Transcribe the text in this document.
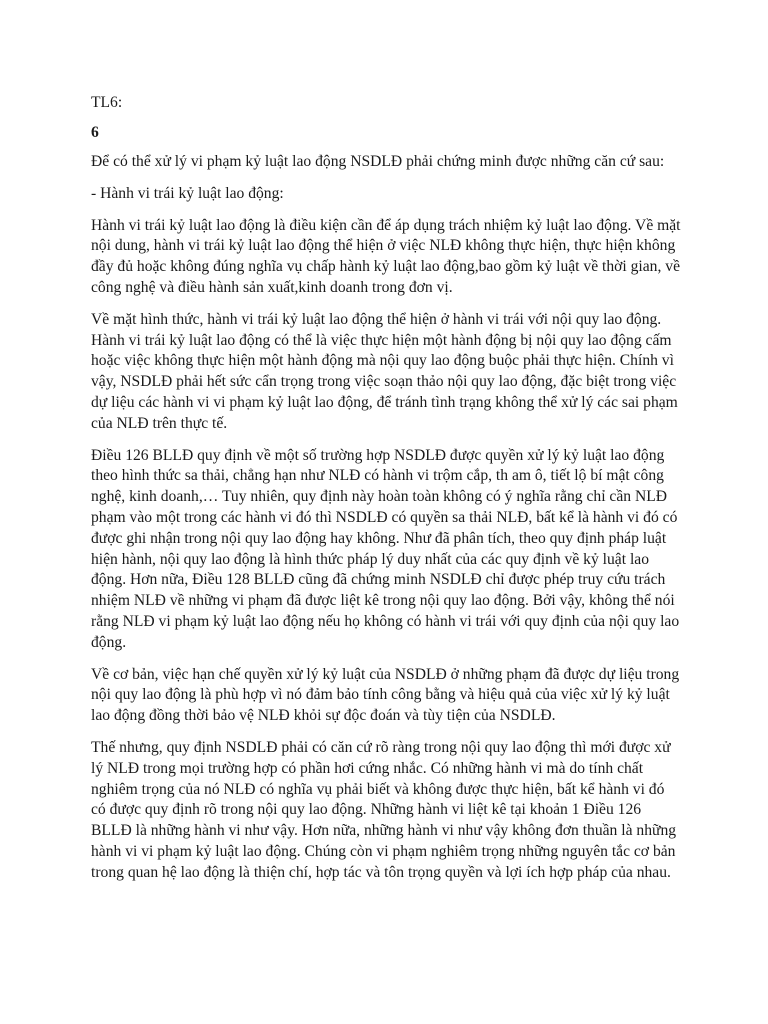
TL6:
6

Để có thể xử lý vi phạm kỷ luật lao động NSDLĐ phải chứng minh được những căn cứ sau:

- Hành vi trái kỷ luật lao động:

Hành vi trái kỷ luật lao động là điều kiện cần để áp dụng trách nhiệm kỷ luật lao động. Về mặt nội dung, hành vi trái kỷ luật lao động thể hiện ở việc NLĐ không thực hiện, thực hiện không đầy đủ hoặc không đúng nghĩa vụ chấp hành kỷ luật lao động,bao gồm kỷ luật về thời gian, về công nghệ và điều hành sản xuất,kinh doanh trong đơn vị.

Về mặt hình thức, hành vi trái kỷ luật lao động thể hiện ở hành vi trái với nội quy lao động. Hành vi trái kỷ luật lao động có thể là việc thực hiện một hành động bị nội quy lao động cấm hoặc việc không thực hiện một hành động mà nội quy lao động buộc phải thực hiện. Chính vì vậy, NSDLĐ phải hết sức cẩn trọng trong việc soạn thảo nội quy lao động, đặc biệt trong việc dự liệu các hành vi vi phạm kỷ luật lao động, để tránh tình trạng không thể xử lý các sai phạm của NLĐ trên thực tế.

Điều 126 BLLĐ quy định về một số trường hợp NSDLĐ được quyền xử lý kỷ luật lao động theo hình thức sa thải, chẳng hạn như NLĐ có hành vi trộm cắp, th am ô, tiết lộ bí mật công nghệ, kinh doanh,… Tuy nhiên, quy định này hoàn toàn không có ý nghĩa rằng chỉ cần NLĐ phạm vào một trong các hành vi đó thì NSDLĐ có quyền sa thải NLĐ, bất kể là hành vi đó có được ghi nhận trong nội quy lao động hay không. Như đã phân tích, theo quy định pháp luật hiện hành, nội quy lao động là hình thức pháp lý duy nhất của các quy định về kỷ luật lao động. Hơn nữa, Điều 128 BLLĐ cũng đã chứng minh NSDLĐ chỉ được phép truy cứu trách nhiệm NLĐ về những vi phạm đã được liệt kê trong nội quy lao động. Bởi vậy, không thể nói rằng NLĐ vi phạm kỷ luật lao động nếu họ không có hành vi trái với quy định của nội quy lao động.

Về cơ bản, việc hạn chế quyền xử lý kỷ luật của NSDLĐ ở những phạm đã được dự liệu trong nội quy lao động là phù hợp vì nó đảm bảo tính công bằng và hiệu quả của việc xử lý kỷ luật lao động đồng thời bảo vệ NLĐ khỏi sự độc đoán và tùy tiện của NSDLĐ.

Thế nhưng, quy định NSDLĐ phải có căn cứ rõ ràng trong nội quy lao động thì mới được xử lý NLĐ trong mọi trường hợp có phần hơi cứng nhắc. Có những hành vi mà do tính chất nghiêm trọng của nó NLĐ có nghĩa vụ phải biết và không được thực hiện, bất kể hành vi đó có được quy định rõ trong nội quy lao động. Những hành vi liệt kê tại khoản 1 Điều 126 BLLĐ là những hành vi như vậy. Hơn nữa, những hành vi như vậy không đơn thuần là những hành vi vi phạm kỷ luật lao động. Chúng còn vi phạm nghiêm trọng những nguyên tắc cơ bản trong quan hệ lao động là thiện chí, hợp tác và tôn trọng quyền và lợi ích hợp pháp của nhau.
